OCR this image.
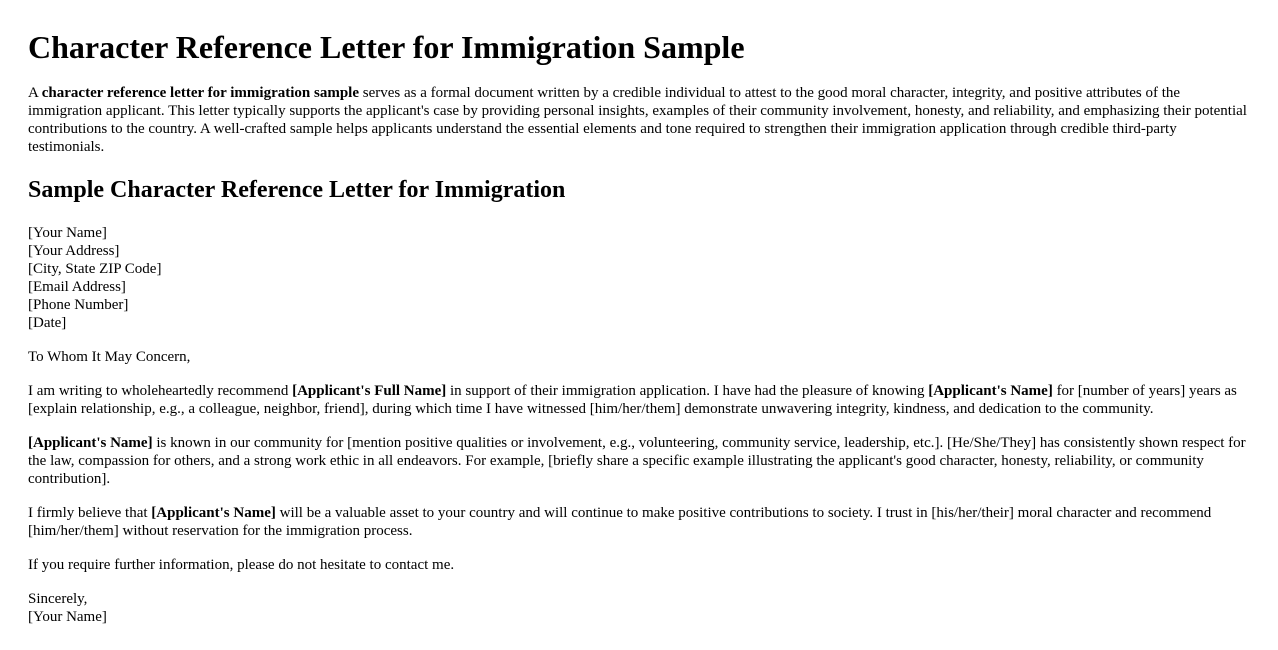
Character Reference Letter for Immigration Sample

A character reference letter for immigration sample serves as a formal document written by a credible individual to attest to the good moral character, integrity, and positive attributes of the immigration applicant. This letter typically supports the applicant's case by providing personal insights, examples of their community involvement, honesty, and reliability, and emphasizing their potential contributions to the country. A well-crafted sample helps applicants understand the essential elements and tone required to strengthen their immigration application through credible third-party testimonials.

Sample Character Reference Letter for Immigration

[Your Name]
[Your Address]
[City, State ZIP Code]
[Email Address]
[Phone Number]
[Date]

To Whom It May Concern,

I am writing to wholeheartedly recommend [Applicant's Full Name] in support of their immigration application. I have had the pleasure of knowing [Applicant's Name] for [number of years] years as [explain relationship, e.g., a colleague, neighbor, friend], during which time I have witnessed [him/her/them] demonstrate unwavering integrity, kindness, and dedication to the community.

[Applicant's Name] is known in our community for [mention positive qualities or involvement, e.g., volunteering, community service, leadership, etc.]. [He/She/They] has consistently shown respect for the law, compassion for others, and a strong work ethic in all endeavors. For example, [briefly share a specific example illustrating the applicant's good character, honesty, reliability, or community contribution].

I firmly believe that [Applicant's Name] will be a valuable asset to your country and will continue to make positive contributions to society. I trust in [his/her/their] moral character and recommend [him/her/them] without reservation for the immigration process.

If you require further information, please do not hesitate to contact me.

Sincerely,
[Your Name]
